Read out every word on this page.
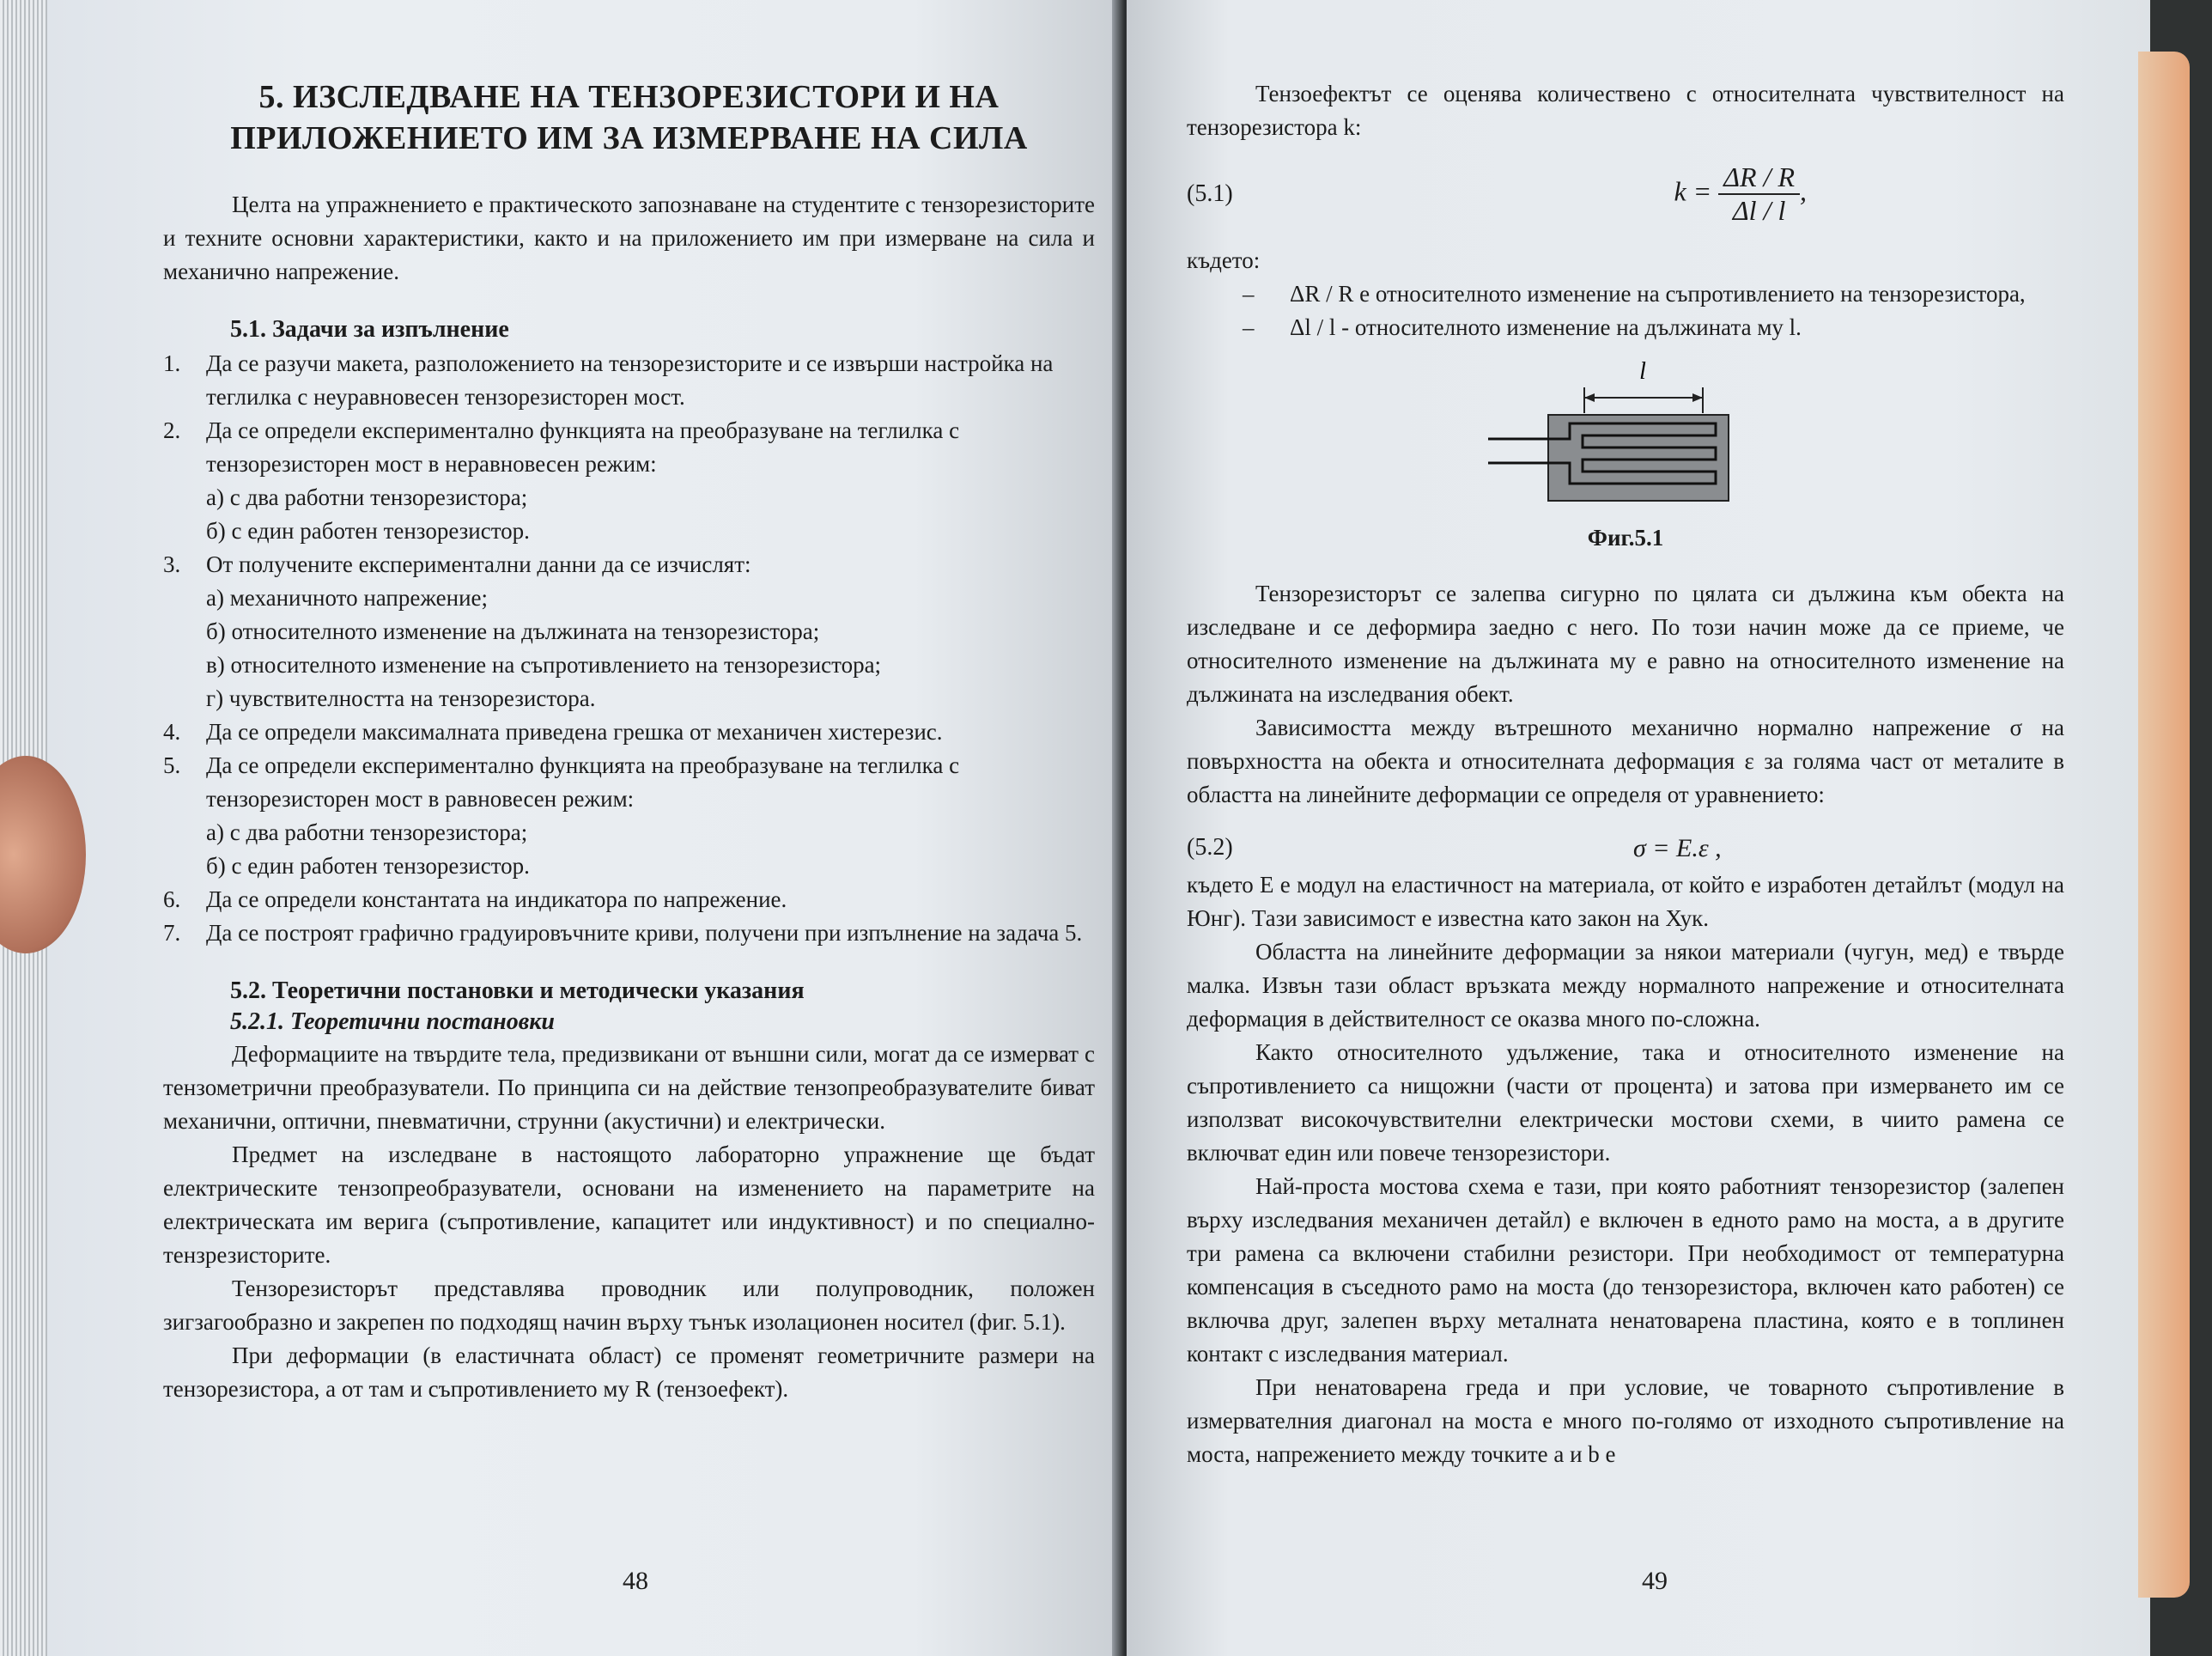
5. ИЗСЛЕДВАНЕ НА ТЕНЗОРЕЗИСТОРИ И НА
ПРИЛОЖЕНИЕТО ИМ ЗА ИЗМЕРВАНЕ НА СИЛА

Целта на упражнението е практическото запознаване на студентите с тензорезисторите и техните основни характеристики, както и на приложението им при измерване на сила и механично напрежение.

5.1. Задачи за изпълнение
1. Да се разучи макета, разположението на тензорезисторите и се извърши настройка на теглилка с неуравновесен тензорезисторен мост.
2. Да се определи експериментално функцията на преобразуване на теглилка с тензорезисторен мост в неравновесен режим:
а) с два работни тензорезистора;
б) с един работен тензорезистор.
3. От получените експериментални данни да се изчислят:
а) механичното напрежение;
б) относителното изменение на дължината на тензорезистора;
в) относителното изменение на съпротивлението на тензорезистора;
г) чувствителността на тензорезистора.
4. Да се определи максималната приведена грешка от механичен хистерезис.
5. Да се определи експериментално функцията на преобразуване на теглилка с тензорезисторен мост в равновесен режим:
а) с два работни тензорезистора;
б) с един работен тензорезистор.
6. Да се определи константата на индикатора по напрежение.
7. Да се построят графично градуировъчните криви, получени при изпълнение на задача 5.
5.2. Теоретични постановки и методически указания
5.2.1. Теоретични постановки

Деформациите на твърдите тела, предизвикани от външни сили, могат да се измерват с тензометрични преобразуватели. По принципа си на действие тензопреобразувателите биват механични, оптични, пневматични, струнни (акустични) и електрически.

Предмет на изследване в настоящото лабораторно упражнение ще бъдат електрическите тензопреобразуватели, основани на изменението на параметрите на електрическата им верига (съпротивление, капацитет или индуктивност) и по специално- тензрезисторите.

Тензорезисторът представлява проводник или полупроводник, положен зигзагообразно и закрепен по подходящ начин върху тънък изолационен носител (фиг. 5.1).

При деформации (в еластичната област) се променят геометричните размери на тензорезистора, а от там и съпротивлението му R (тензоефект).

48

Тензоефектът се оценява количествено с относителната чувствителност на тензорезистора k:

(5.1)	$k = \frac{\Delta R / R}{\Delta l / l}$ ,
където:
– ΔR / R е относителното изменение на съпротивлението на тензорезистора,
– Δl / l - относителното изменение на дължината му l.
l
Фиг.5.1

Тензорезисторът се залепва сигурно по цялата си дължина към обекта на изследване и се деформира заедно с него. По този начин може да се приеме, че относителното изменение на дължината му е равно на относителното изменение на дължината на изследвания обект.

Зависимостта между вътрешното механично нормално напрежение σ на повърхността на обекта и относителната деформация ε за голяма част от металите в областта на линейните деформации се определя от уравнението:

(5.2)	σ = E.ε ,

където E е модул на еластичност на материала, от който е изработен детайлът (модул на Юнг). Тази зависимост е известна като закон на Хук.

Областта на линейните деформации за някои материали (чугун, мед) е твърде малка. Извън тази област връзката между нормалното напрежение и относителната деформация в действителност се оказва много по-сложна.

Както относителното удължение, така и относителното изменение на съпротивлението са нищожни (части от процента) и затова при измерването им се използват високочувствителни електрически мостови схеми, в чиито рамена се включват един или повече тензорезистори.

Най-проста мостова схема е тази, при която работният тензорезистор (залепен върху изследвания механичен детайл) е включен в едното рамо на моста, а в другите три рамена са включени стабилни резистори. При необходимост от температурна компенсация в съседното рамо на моста (до тензорезистора, включен като работен) се включва друг, залепен върху металната ненатоварена пластина, която е в топлинен контакт с изследвания материал.

При ненатоварена греда и при условие, че товарното съпротивление в измервателния диагонал на моста е много по-голямо от изходното съпротивление на моста, напрежението между точките a и b е

49
